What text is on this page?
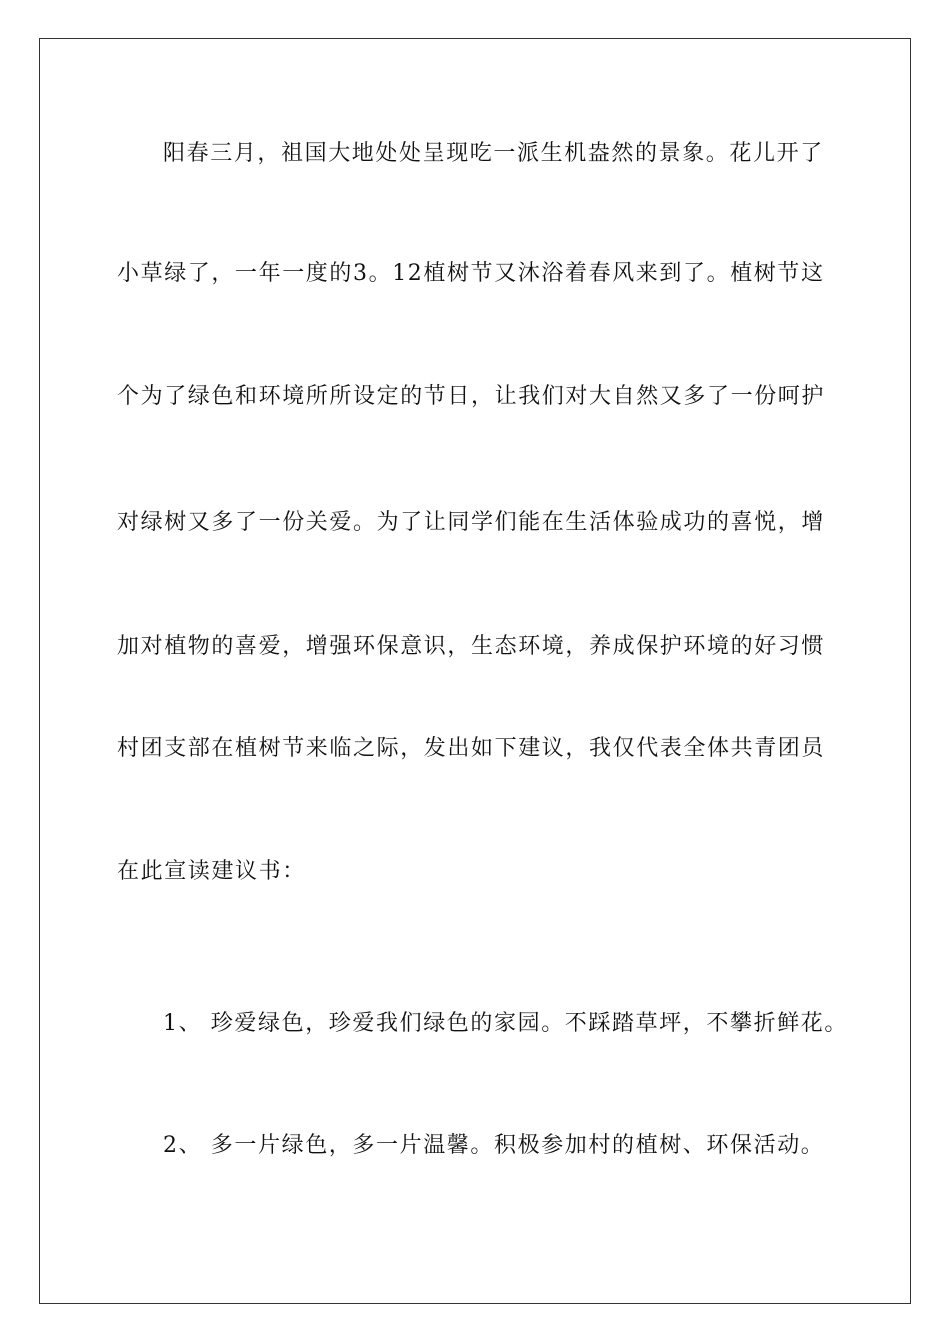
阳春三月，祖国大地处处呈现吃一派生机盎然的景象。花儿开了
小草绿了，一年一度的3。12植树节又沐浴着春风来到了。植树节这
个为了绿色和环境所所设定的节日，让我们对大自然又多了一份呵护
对绿树又多了一份关爱。为了让同学们能在生活体验成功的喜悦，增
加对植物的喜爱，增强环保意识，生态环境，养成保护环境的好习惯
村团支部在植树节来临之际，发出如下建议，我仅代表全体共青团员
在此宣读建议书：
1、 珍爱绿色，珍爱我们绿色的家园。不踩踏草坪，不攀折鲜花。
2、 多一片绿色，多一片温馨。积极参加村的植树、环保活动。
